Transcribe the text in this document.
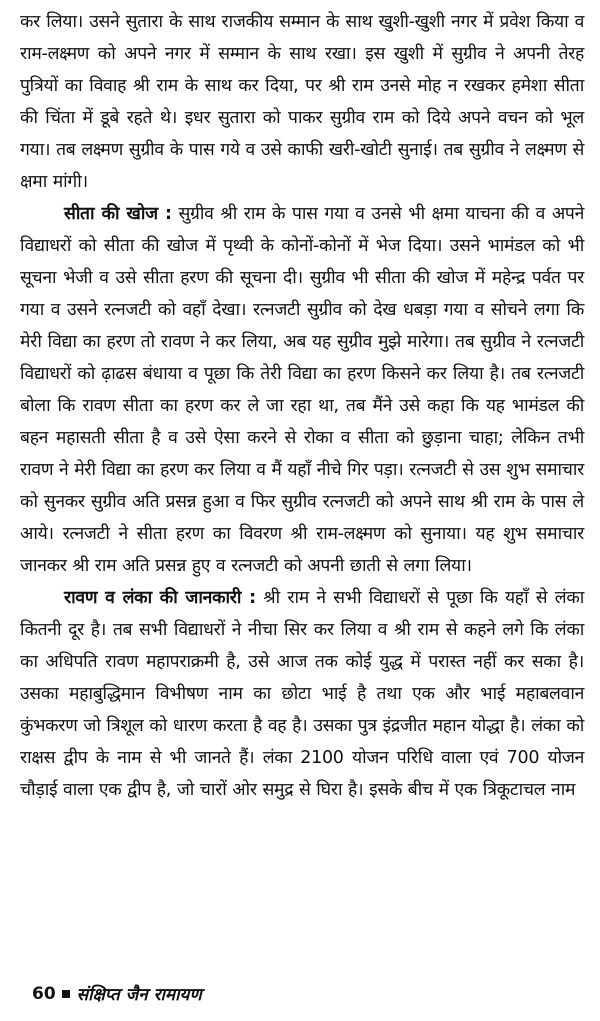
कर लिया। उसने सुतारा के साथ राजकीय सम्मान के साथ खुशी-खुशी नगर में प्रवेश किया व राम-लक्ष्मण को अपने नगर में सम्मान के साथ रखा। इस खुशी में सुग्रीव ने अपनी तेरह पुत्रियों का विवाह श्री राम के साथ कर दिया, पर श्री राम उनसे मोह न रखकर हमेशा सीता की चिंता में डूबे रहते थे। इधर सुतारा को पाकर सुग्रीव राम को दिये अपने वचन को भूल गया। तब लक्ष्मण सुग्रीव के पास गये व उसे काफी खरी-खोटी सुनाई। तब सुग्रीव ने लक्ष्मण से क्षमा मांगी।

सीता की खोज : सुग्रीव श्री राम के पास गया व उनसे भी क्षमा याचना की व अपने विद्याधरों को सीता की खोज में पृथ्वी के कोनों-कोनों में भेज दिया। उसने भामंडल को भी सूचना भेजी व उसे सीता हरण की सूचना दी। सुग्रीव भी सीता की खोज में महेन्द्र पर्वत पर गया व उसने रत्नजटी को वहाँ देखा। रत्नजटी सुग्रीव को देख धबड़ा गया व सोचने लगा कि मेरी विद्या का हरण तो रावण ने कर लिया, अब यह सुग्रीव मुझे मारेगा। तब सुग्रीव ने रत्नजटी विद्याधरों को ढ़ाढस बंधाया व पूछा कि तेरी विद्या का हरण किसने कर लिया है। तब रत्नजटी बोला कि रावण सीता का हरण कर ले जा रहा था, तब मैंने उसे कहा कि यह भामंडल की बहन महासती सीता है व उसे ऐसा करने से रोका व सीता को छुड़ाना चाहा; लेकिन तभी रावण ने मेरी विद्या का हरण कर लिया व मैं यहाँ नीचे गिर पड़ा। रत्नजटी से उस शुभ समाचार को सुनकर सुग्रीव अति प्रसन्न हुआ व फिर सुग्रीव रत्नजटी को अपने साथ श्री राम के पास ले आये। रत्नजटी ने सीता हरण का विवरण श्री राम-लक्ष्मण को सुनाया। यह शुभ समाचार जानकर श्री राम अति प्रसन्न हुए व रत्नजटी को अपनी छाती से लगा लिया।

रावण व लंका की जानकारी : श्री राम ने सभी विद्याधरों से पूछा कि यहाँ से लंका कितनी दूर है। तब सभी विद्याधरों ने नीचा सिर कर लिया व श्री राम से कहने लगे कि लंका का अधिपति रावण महापराक्रमी है, उसे आज तक कोई युद्ध में परास्त नहीं कर सका है। उसका महाबुद्धिमान विभीषण नाम का छोटा भाई है तथा एक और भाई महाबलवान कुंभकरण जो त्रिशूल को धारण करता है वह है। उसका पुत्र इंद्रजीत महान योद्धा है। लंका को राक्षस द्वीप के नाम से भी जानते हैं। लंका 2100 योजन परिधि वाला एवं 700 योजन चौड़ाई वाला एक द्वीप है, जो चारों ओर समुद्र से घिरा है। इसके बीच में एक त्रिकूटाचल नाम

60 संक्षिप्त जैन रामायण
